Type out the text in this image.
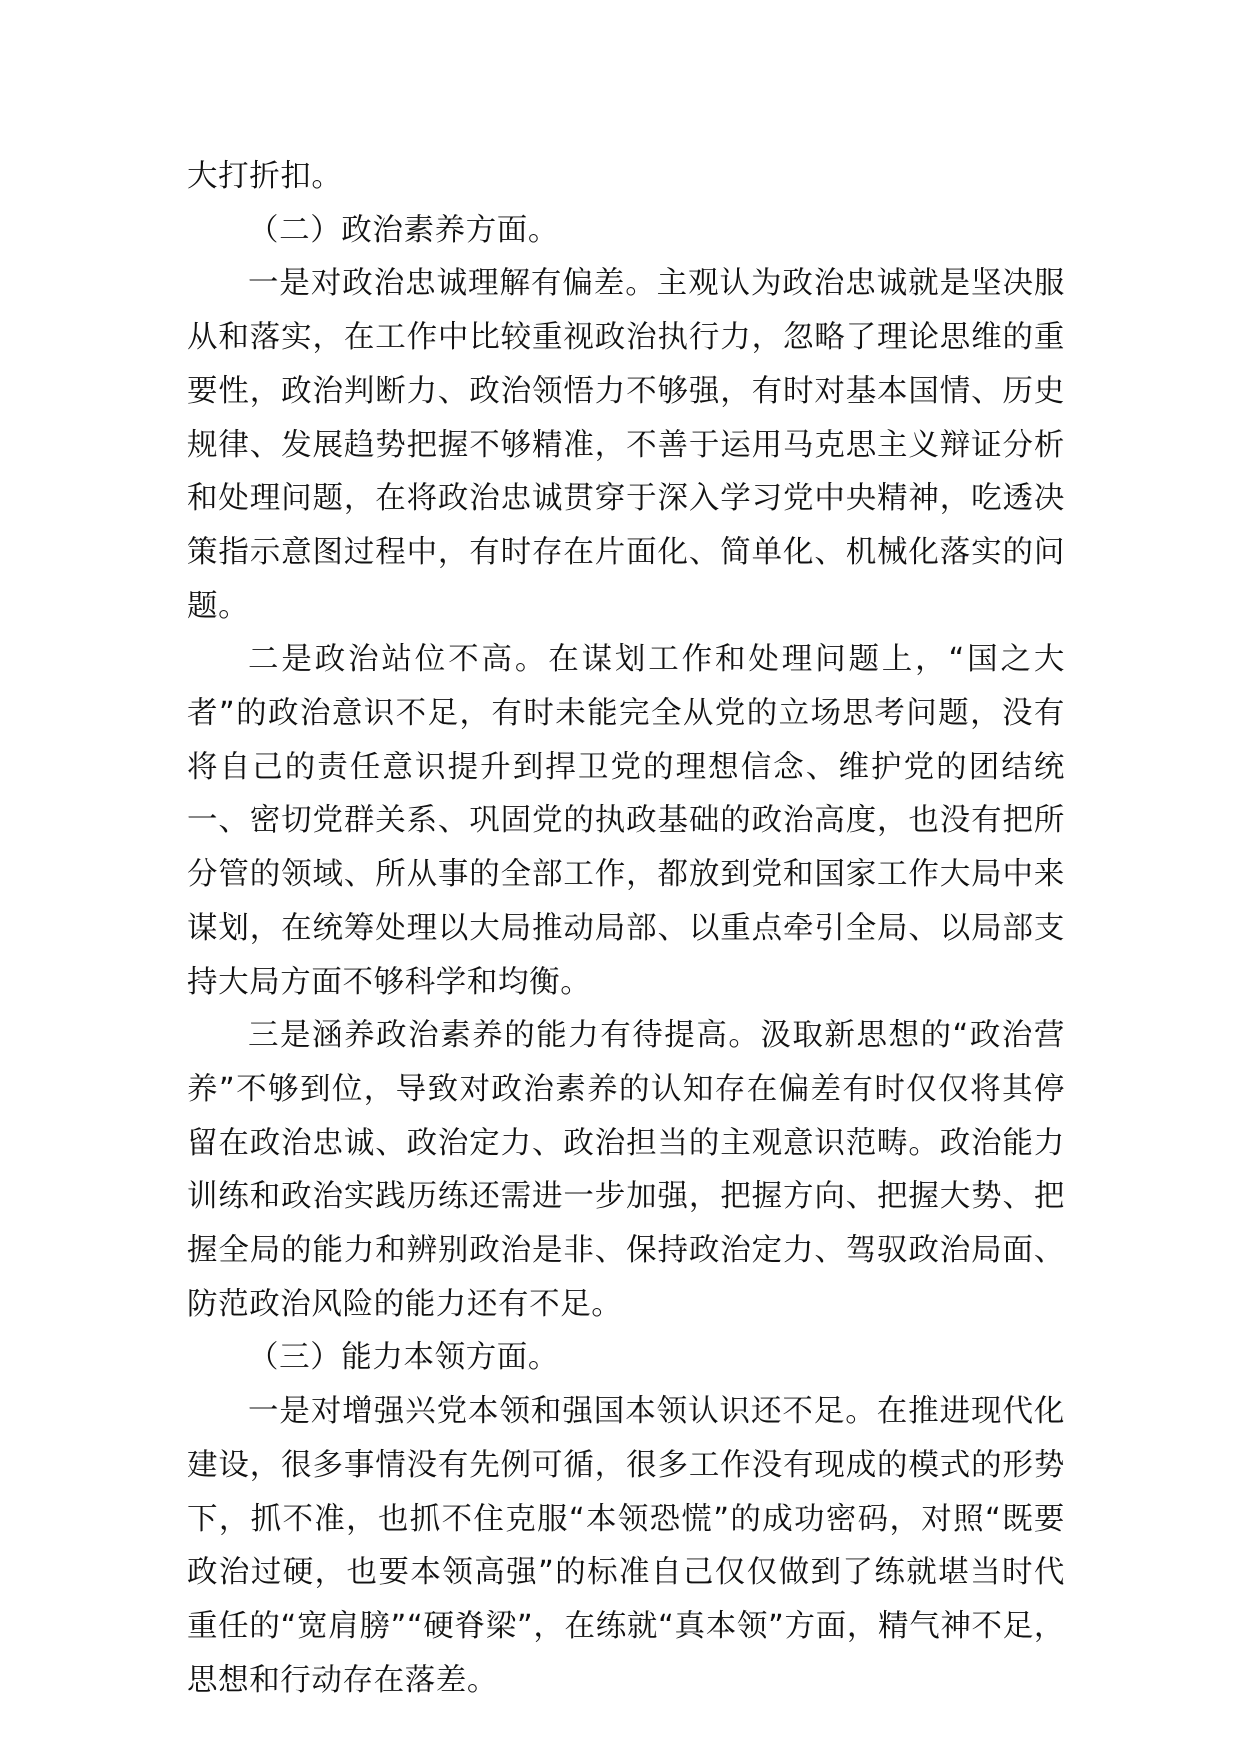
大打折扣。

（二）政治素养方面。

一是对政治忠诚理解有偏差。主观认为政治忠诚就是坚决服从和落实，在工作中比较重视政治执行力，忽略了理论思维的重要性，政治判断力、政治领悟力不够强，有时对基本国情、历史规律、发展趋势把握不够精准，不善于运用马克思主义辩证分析和处理问题，在将政治忠诚贯穿于深入学习党中央精神，吃透决策指示意图过程中，有时存在片面化、简单化、机械化落实的问题。

二是政治站位不高。在谋划工作和处理问题上，“国之大者”的政治意识不足，有时未能完全从党的立场思考问题，没有将自己的责任意识提升到捍卫党的理想信念、维护党的团结统一、密切党群关系、巩固党的执政基础的政治高度，也没有把所分管的领域、所从事的全部工作，都放到党和国家工作大局中来谋划，在统筹处理以大局推动局部、以重点牵引全局、以局部支持大局方面不够科学和均衡。

三是涵养政治素养的能力有待提高。汲取新思想的“政治营养”不够到位，导致对政治素养的认知存在偏差有时仅仅将其停留在政治忠诚、政治定力、政治担当的主观意识范畴。政治能力训练和政治实践历练还需进一步加强，把握方向、把握大势、把握全局的能力和辨别政治是非、保持政治定力、驾驭政治局面、防范政治风险的能力还有不足。

（三）能力本领方面。

一是对增强兴党本领和强国本领认识还不足。在推进现代化建设，很多事情没有先例可循，很多工作没有现成的模式的形势下，抓不准，也抓不住克服“本领恐慌”的成功密码，对照“既要政治过硬，也要本领高强”的标准自己仅仅做到了练就堪当时代重任的“宽肩膀”“硬脊梁”，在练就“真本领”方面，精气神不足，思想和行动存在落差。
